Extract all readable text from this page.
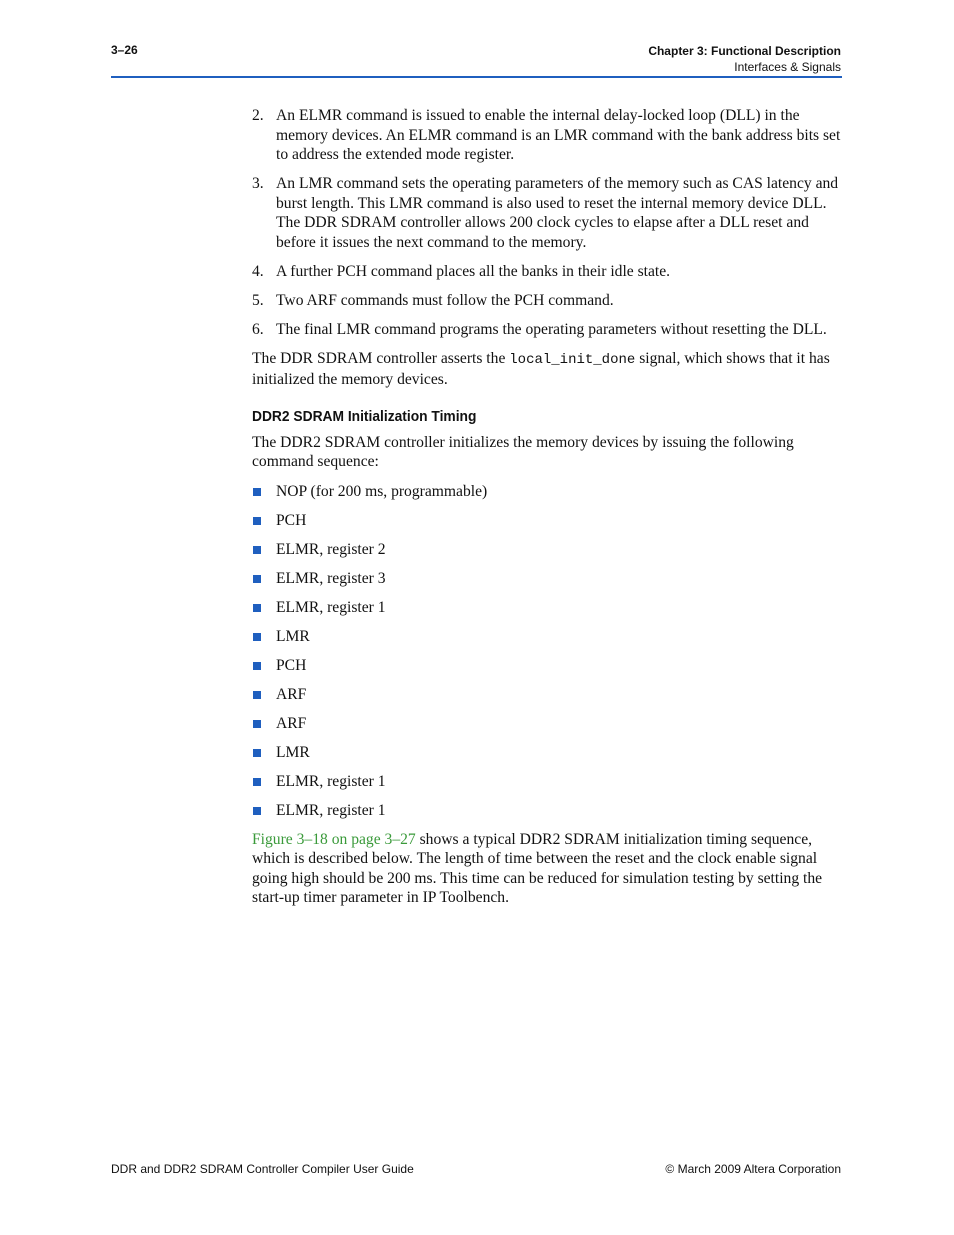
3–26	Chapter 3: Functional Description
Interfaces & Signals
2. An ELMR command is issued to enable the internal delay-locked loop (DLL) in the memory devices. An ELMR command is an LMR command with the bank address bits set to address the extended mode register.
3. An LMR command sets the operating parameters of the memory such as CAS latency and burst length. This LMR command is also used to reset the internal memory device DLL. The DDR SDRAM controller allows 200 clock cycles to elapse after a DLL reset and before it issues the next command to the memory.
4. A further PCH command places all the banks in their idle state.
5. Two ARF commands must follow the PCH command.
6. The final LMR command programs the operating parameters without resetting the DLL.

The DDR SDRAM controller asserts the local_init_done signal, which shows that it has initialized the memory devices.

DDR2 SDRAM Initialization Timing

The DDR2 SDRAM controller initializes the memory devices by issuing the following command sequence:

NOP (for 200 ms, programmable)
PCH
ELMR, register 2
ELMR, register 3
ELMR, register 1
LMR
PCH
ARF
ARF
LMR
ELMR, register 1
ELMR, register 1

Figure 3–18 on page 3–27 shows a typical DDR2 SDRAM initialization timing sequence, which is described below. The length of time between the reset and the clock enable signal going high should be 200 ms. This time can be reduced for simulation testing by setting the start-up timer parameter in IP Toolbench.

DDR and DDR2 SDRAM Controller Compiler User Guide	© March 2009 Altera Corporation
